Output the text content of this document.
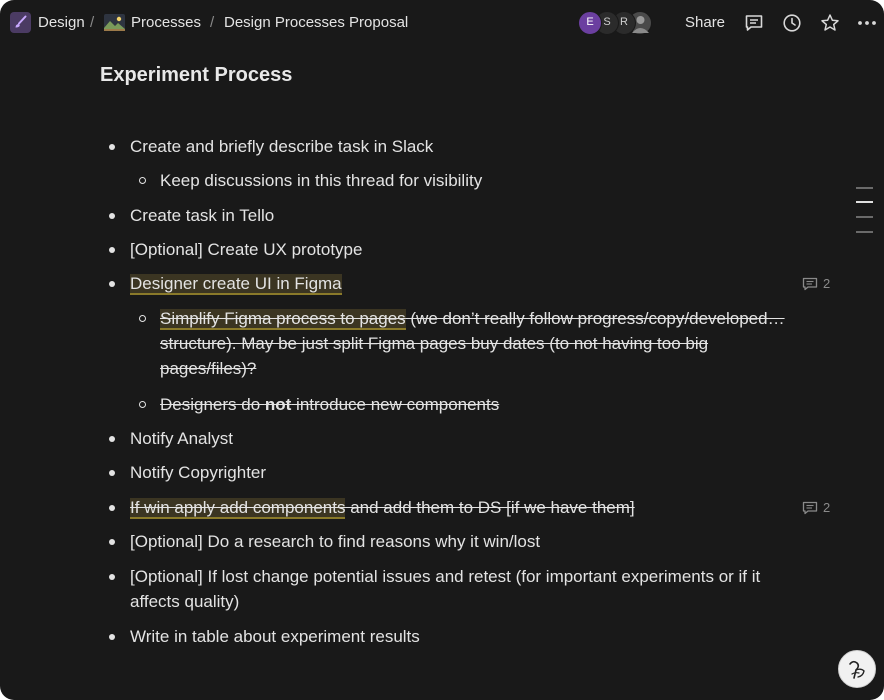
Design / Processes / Design Processes Proposal	R
S
E	Share
Experiment Process
Create and briefly describe task in Slack
Keep discussions in this thread for visibility
Create task in Tello
[Optional] Create UX prototype
Designer create UI in Figma	2
Simplify Figma process to pages (we don’t really follow progress/copy/developed… structure). May be just split Figma pages buy dates (to not having too big pages/files)?
Designers do not introduce new components
Notify Analyst
Notify Copyrighter
If win apply add components and add them to DS [if we have them]	2
[Optional] Do a research to find reasons why it win/lost
[Optional] If lost change potential issues and retest (for important experiments or if it affects quality)
Write in table about experiment results
